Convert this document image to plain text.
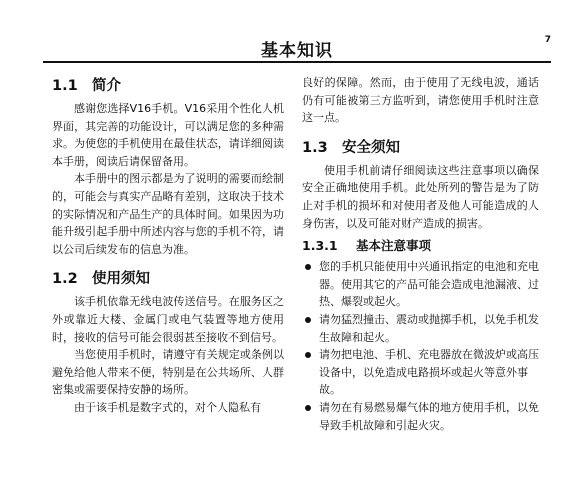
基本知识
7
1.1 简介

感谢您选择V16手机。V16采用个性化人机界面，其完善的功能设计，可以满足您的多种需求。为使您的手机使用在最佳状态，请详细阅读本手册，阅读后请保留备用。

本手册中的图示都是为了说明的需要而绘制的，可能会与真实产品略有差别，这取决于技术的实际情况和产品生产的具体时间。如果因为功能升级引起手册中所述内容与您的手机不符，请以公司后续发布的信息为准。

1.2 使用须知

该手机依靠无线电波传送信号。在服务区之外或靠近大楼、金属门或电气装置等地方使用时，接收的信号可能会很弱甚至接收不到信号。

当您使用手机时，请遵守有关规定或条例以避免给他人带来不便，特别是在公共场所、人群密集或需要保持安静的场所。

由于该手机是数字式的，对个人隐私有

良好的保障。然而，由于使用了无线电波，通话仍有可能被第三方监听到，请您使用手机时注意这一点。

1.3 安全须知

使用手机前请仔细阅读这些注意事项以确保安全正确地使用手机。此处所列的警告是为了防止对手机的损坏和对使用者及他人可能造成的人身伤害，以及可能对财产造成的损害。

1.3.1 基本注意事项
您的手机只能使用中兴通讯指定的电池和充电器。使用其它的产品可能会造成电池漏液、过热、爆裂或起火。
请勿猛烈撞击、震动或抛掷手机，以免手机发生故障和起火。
请勿把电池、手机、充电器放在微波炉或高压设备中，以免造成电路损坏或起火等意外事故。
请勿在有易燃易爆气体的地方使用手机，以免导致手机故障和引起火灾。
